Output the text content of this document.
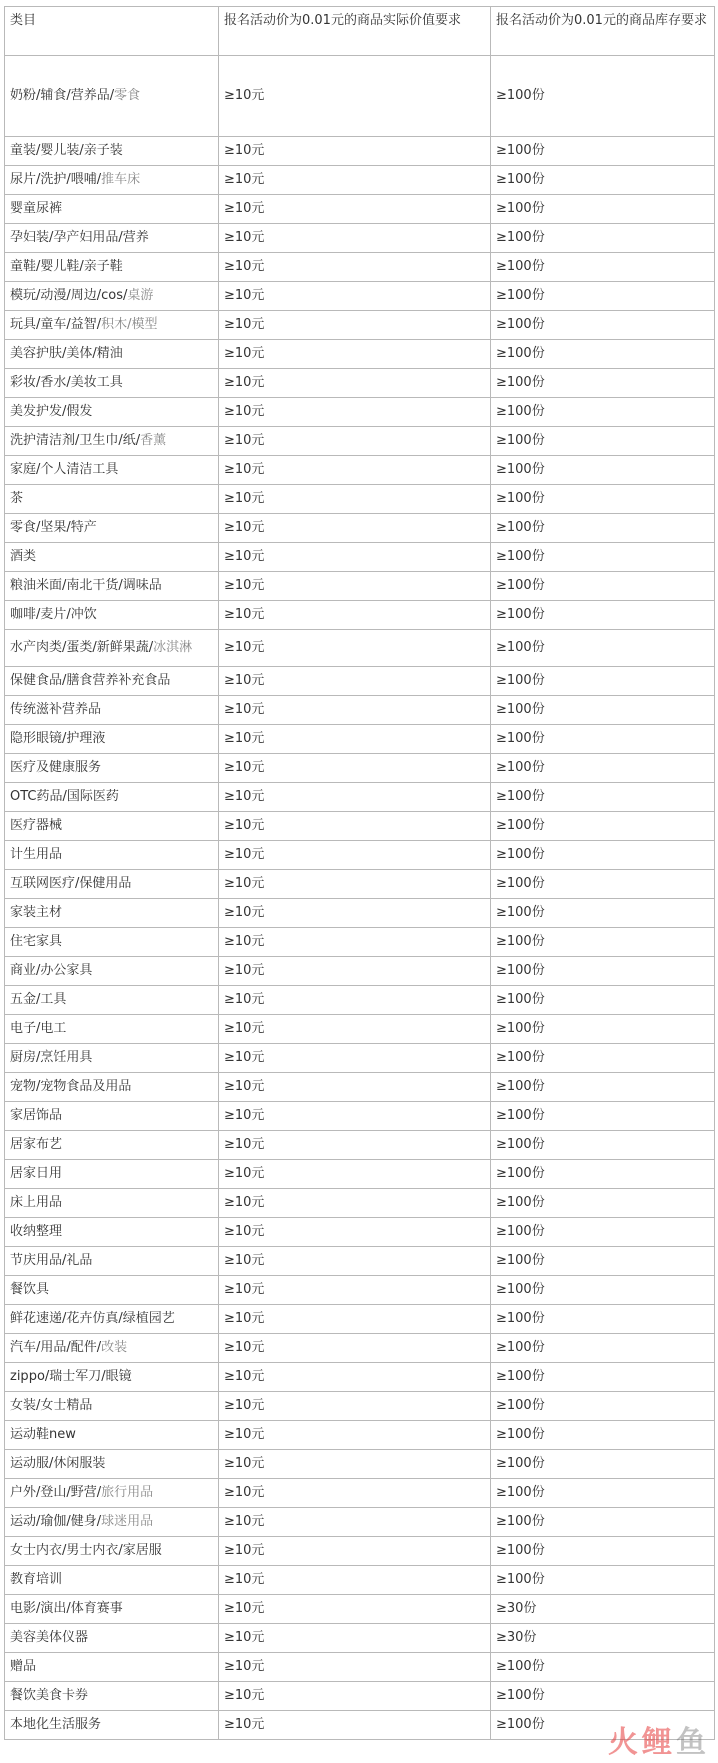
类目	报名活动价为0.01元的商品实际价值要求	报名活动价为0.01元的商品库存要求
奶粉/辅食/营养品/零食	≥10元	≥100份
童装/婴儿装/亲子装	≥10元	≥100份
尿片/洗护/喂哺/推车床	≥10元	≥100份
婴童尿裤	≥10元	≥100份
孕妇装/孕产妇用品/营养	≥10元	≥100份
童鞋/婴儿鞋/亲子鞋	≥10元	≥100份
模玩/动漫/周边/cos/桌游	≥10元	≥100份
玩具/童车/益智/积木/模型	≥10元	≥100份
美容护肤/美体/精油	≥10元	≥100份
彩妆/香水/美妆工具	≥10元	≥100份
美发护发/假发	≥10元	≥100份
洗护清洁剂/卫生巾/纸/香薰	≥10元	≥100份
家庭/个人清洁工具	≥10元	≥100份
茶	≥10元	≥100份
零食/坚果/特产	≥10元	≥100份
酒类	≥10元	≥100份
粮油米面/南北干货/调味品	≥10元	≥100份
咖啡/麦片/冲饮	≥10元	≥100份
水产肉类/蛋类/新鲜果蔬/冰淇淋	≥10元	≥100份
保健食品/膳食营养补充食品	≥10元	≥100份
传统滋补营养品	≥10元	≥100份
隐形眼镜/护理液	≥10元	≥100份
医疗及健康服务	≥10元	≥100份
OTC药品/国际医药	≥10元	≥100份
医疗器械	≥10元	≥100份
计生用品	≥10元	≥100份
互联网医疗/保健用品	≥10元	≥100份
家装主材	≥10元	≥100份
住宅家具	≥10元	≥100份
商业/办公家具	≥10元	≥100份
五金/工具	≥10元	≥100份
电子/电工	≥10元	≥100份
厨房/烹饪用具	≥10元	≥100份
宠物/宠物食品及用品	≥10元	≥100份
家居饰品	≥10元	≥100份
居家布艺	≥10元	≥100份
居家日用	≥10元	≥100份
床上用品	≥10元	≥100份
收纳整理	≥10元	≥100份
节庆用品/礼品	≥10元	≥100份
餐饮具	≥10元	≥100份
鲜花速递/花卉仿真/绿植园艺	≥10元	≥100份
汽车/用品/配件/改装	≥10元	≥100份
zippo/瑞士军刀/眼镜	≥10元	≥100份
女装/女士精品	≥10元	≥100份
运动鞋new	≥10元	≥100份
运动服/休闲服装	≥10元	≥100份
户外/登山/野营/旅行用品	≥10元	≥100份
运动/瑜伽/健身/球迷用品	≥10元	≥100份
女士内衣/男士内衣/家居服	≥10元	≥100份
教育培训	≥10元	≥100份
电影/演出/体育赛事	≥10元	≥30份
美容美体仪器	≥10元	≥30份
赠品	≥10元	≥100份
餐饮美食卡券	≥10元	≥100份
本地化生活服务	≥10元	≥100份
火鲤鱼
